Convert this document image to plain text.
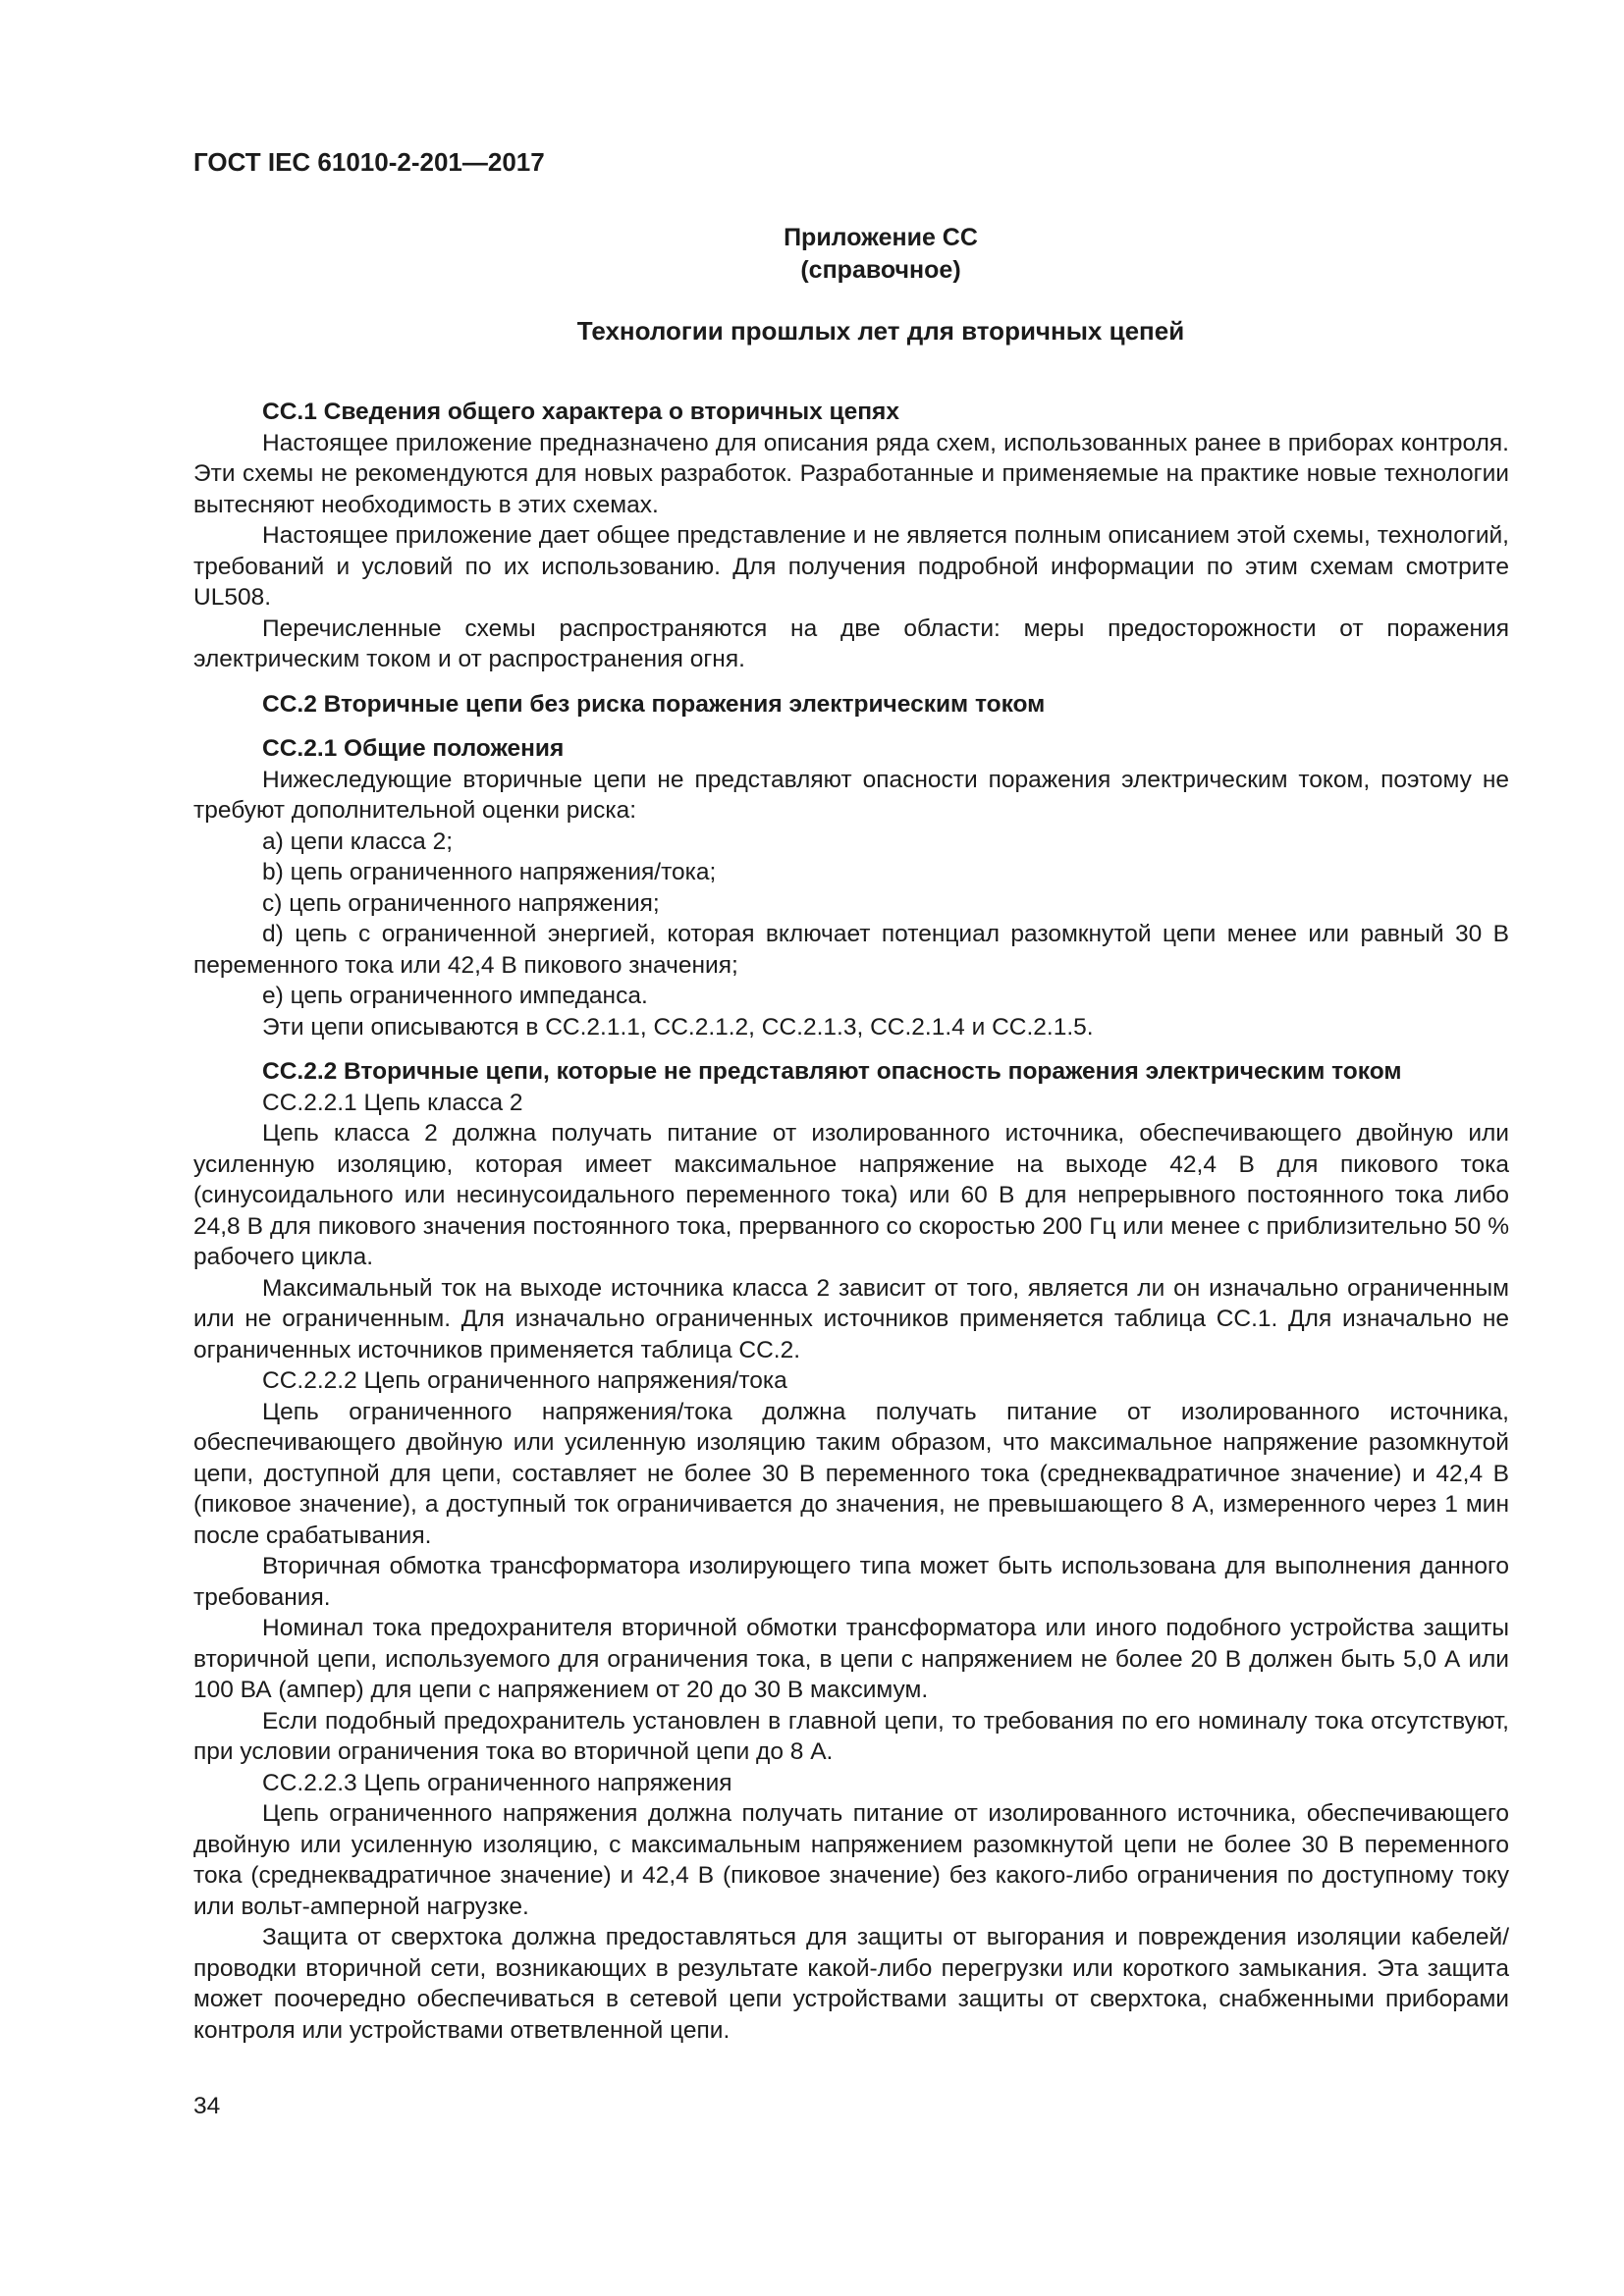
ГОСТ IEC 61010-2-201—2017

Приложение СС
(справочное)

Технологии прошлых лет для вторичных цепей

СС.1 Сведения общего характера о вторичных цепях

Настоящее приложение предназначено для описания ряда схем, использованных ранее в приборах контроля. Эти схемы не рекомендуются для новых разработок. Разработанные и применяемые на практике новые технологии вытесняют необходимость в этих схемах.

Настоящее приложение дает общее представление и не является полным описанием этой схемы, технологий, требований и условий по их использованию. Для получения подробной информации по этим схемам смотрите UL508.

Перечисленные схемы распространяются на две области: меры предосторожности от поражения электрическим током и от распространения огня.

СС.2 Вторичные цепи без риска поражения электрическим током

СС.2.1 Общие положения

Нижеследующие вторичные цепи не представляют опасности поражения электрическим током, поэтому не требуют дополнительной оценки риска:

a) цепи класса 2;

b) цепь ограниченного напряжения/тока;

c) цепь ограниченного напряжения;

d) цепь с ограниченной энергией, которая включает потенциал разомкнутой цепи менее или равный 30 В переменного тока или 42,4 В пикового значения;

e) цепь ограниченного импеданса.

Эти цепи описываются в СС.2.1.1, СС.2.1.2, СС.2.1.3, СС.2.1.4 и СС.2.1.5.

СС.2.2 Вторичные цепи, которые не представляют опасность поражения электрическим током

СС.2.2.1 Цепь класса 2

Цепь класса 2 должна получать питание от изолированного источника, обеспечивающего двойную или усиленную изоляцию, которая имеет максимальное напряжение на выходе 42,4 В для пикового тока (синусоидального или несинусоидального переменного тока) или 60 В для непрерывного постоянного тока либо 24,8 В для пикового значения постоянного тока, прерванного со скоростью 200 Гц или менее с приблизительно 50 % рабочего цикла.

Максимальный ток на выходе источника класса 2 зависит от того, является ли он изначально ограниченным или не ограниченным. Для изначально ограниченных источников применяется таблица СС.1. Для изначально не ограниченных источников применяется таблица СС.2.

СС.2.2.2 Цепь ограниченного напряжения/тока

Цепь ограниченного напряжения/тока должна получать питание от изолированного источника, обеспечивающего двойную или усиленную изоляцию таким образом, что максимальное напряжение разомкнутой цепи, доступной для цепи, составляет не более 30 В переменного тока (среднеквадратичное значение) и 42,4 В (пиковое значение), а доступный ток ограничивается до значения, не превышающего 8 А, измеренного через 1 мин после срабатывания.

Вторичная обмотка трансформатора изолирующего типа может быть использована для выполнения данного требования.

Номинал тока предохранителя вторичной обмотки трансформатора или иного подобного устройства защиты вторичной цепи, используемого для ограничения тока, в цепи с напряжением не более 20 В должен быть 5,0 А или 100 ВА (ампер) для цепи с напряжением от 20 до 30 В максимум.

Если подобный предохранитель установлен в главной цепи, то требования по его номиналу тока отсутствуют, при условии ограничения тока во вторичной цепи до 8 А.

СС.2.2.3 Цепь ограниченного напряжения

Цепь ограниченного напряжения должна получать питание от изолированного источника, обеспечивающего двойную или усиленную изоляцию, с максимальным напряжением разомкнутой цепи не более 30 В переменного тока (среднеквадратичное значение) и 42,4 В (пиковое значение) без какого-либо ограничения по доступному току или вольт-амперной нагрузке.

Защита от сверхтока должна предоставляться для защиты от выгорания и повреждения изоляции кабелей/проводки вторичной сети, возникающих в результате какой-либо перегрузки или короткого замыкания. Эта защита может поочередно обеспечиваться в сетевой цепи устройствами защиты от сверхтока, снабженными приборами контроля или устройствами ответвленной цепи.

34
